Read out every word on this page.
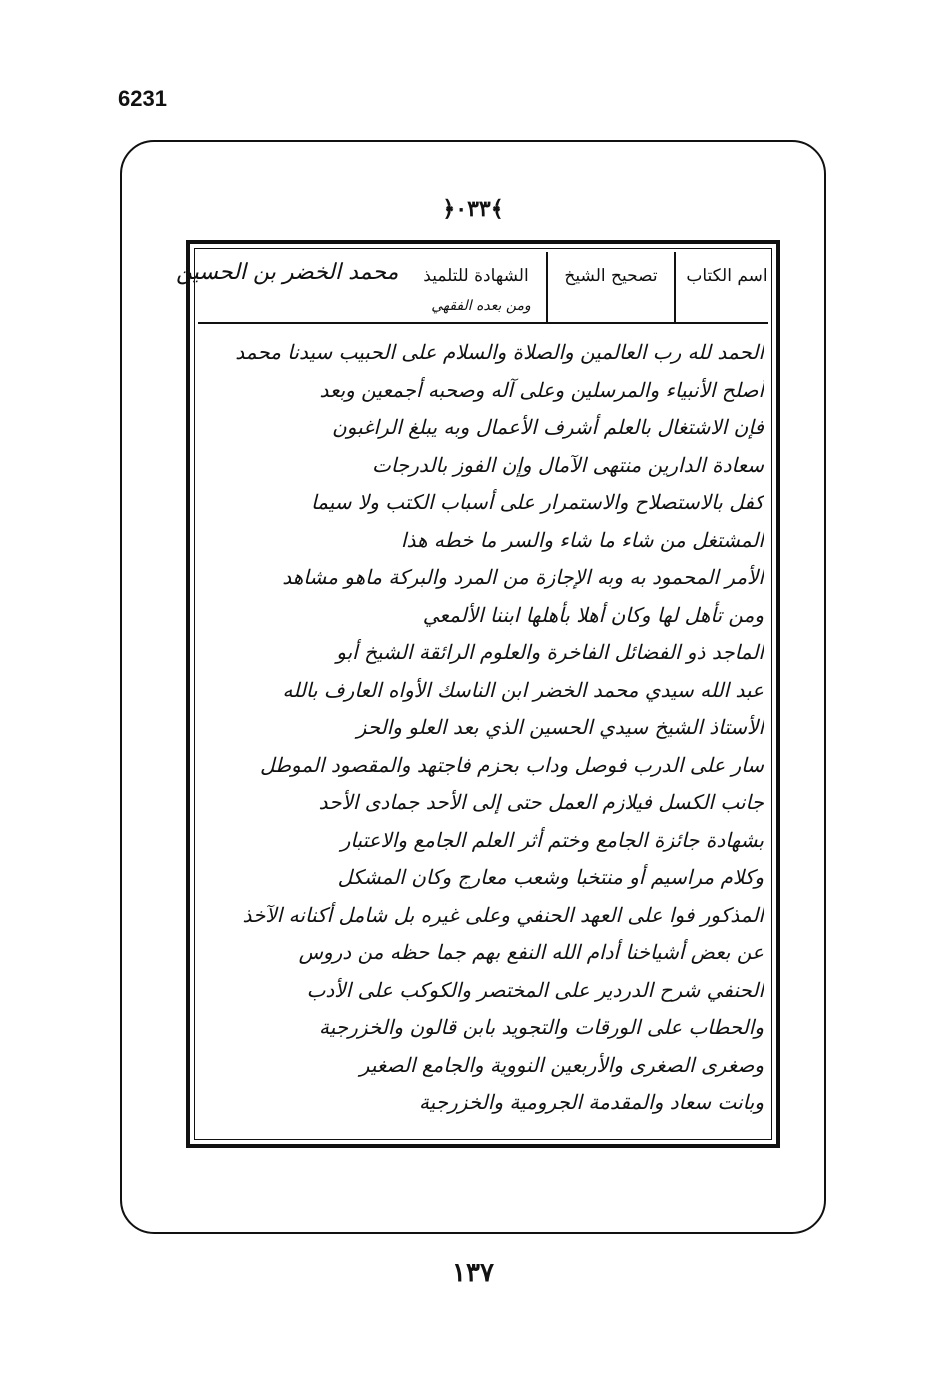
6231
﴿٠٣٣﴾
اسم الكتاب
تصحيح الشيخ
الشهادة للتلميذ
ومن بعده الفقهي
محمد الخضر بن الحسين
الحمد لله رب العالمين والصلاة والسلام على الحبيب سيدنا محمد
أصلح الأنبياء والمرسلين وعلى آله وصحبه أجمعين وبعد
فإن الاشتغال بالعلم أشرف الأعمال وبه يبلغ الراغبون
سعادة الدارين منتهى الآمال وإن الفوز بالدرجات
كفل بالاستصلاح والاستمرار على أسباب الكتب ولا سيما
المشتغل من شاء ما شاء والسر ما خطه هذا
الأمر المحمود به وبه الإجازة من المرد والبركة ماهو مشاهد
ومن تأهل لها وكان أهلا بأهلها ابننا الألمعي
الماجد ذو الفضائل الفاخرة والعلوم الرائقة الشيخ أبو
عبد الله سيدي محمد الخضر ابن الناسك الأواه العارف بالله
الأستاذ الشيخ سيدي الحسين الذي بعد العلو والحز
سار على الدرب فوصل وداب بحزم فاجتهد والمقصود الموطل
جانب الكسل فيلازم العمل حتى إلى الأحد جمادى الأحد
بشهادة جائزة الجامع وختم أثر العلم الجامع والاعتبار
وكلام مراسيم أو منتخبا وشعب معارج وكان المشكل
المذكور فوا على العهد الحنفي وعلى غيره بل شامل أكنانه الآخذ
عن بعض أشياخنا أدام الله النفع بهم جما حظه من دروس
الحنفي شرح الدردير على المختصر والكوكب على الأدب
والحطاب على الورقات والتجويد بابن قالون والخزرجية
وصغرى الصغرى والأربعين النووية والجامع الصغير
وبانت سعاد والمقدمة الجرومية والخزرجية
١٣٧
